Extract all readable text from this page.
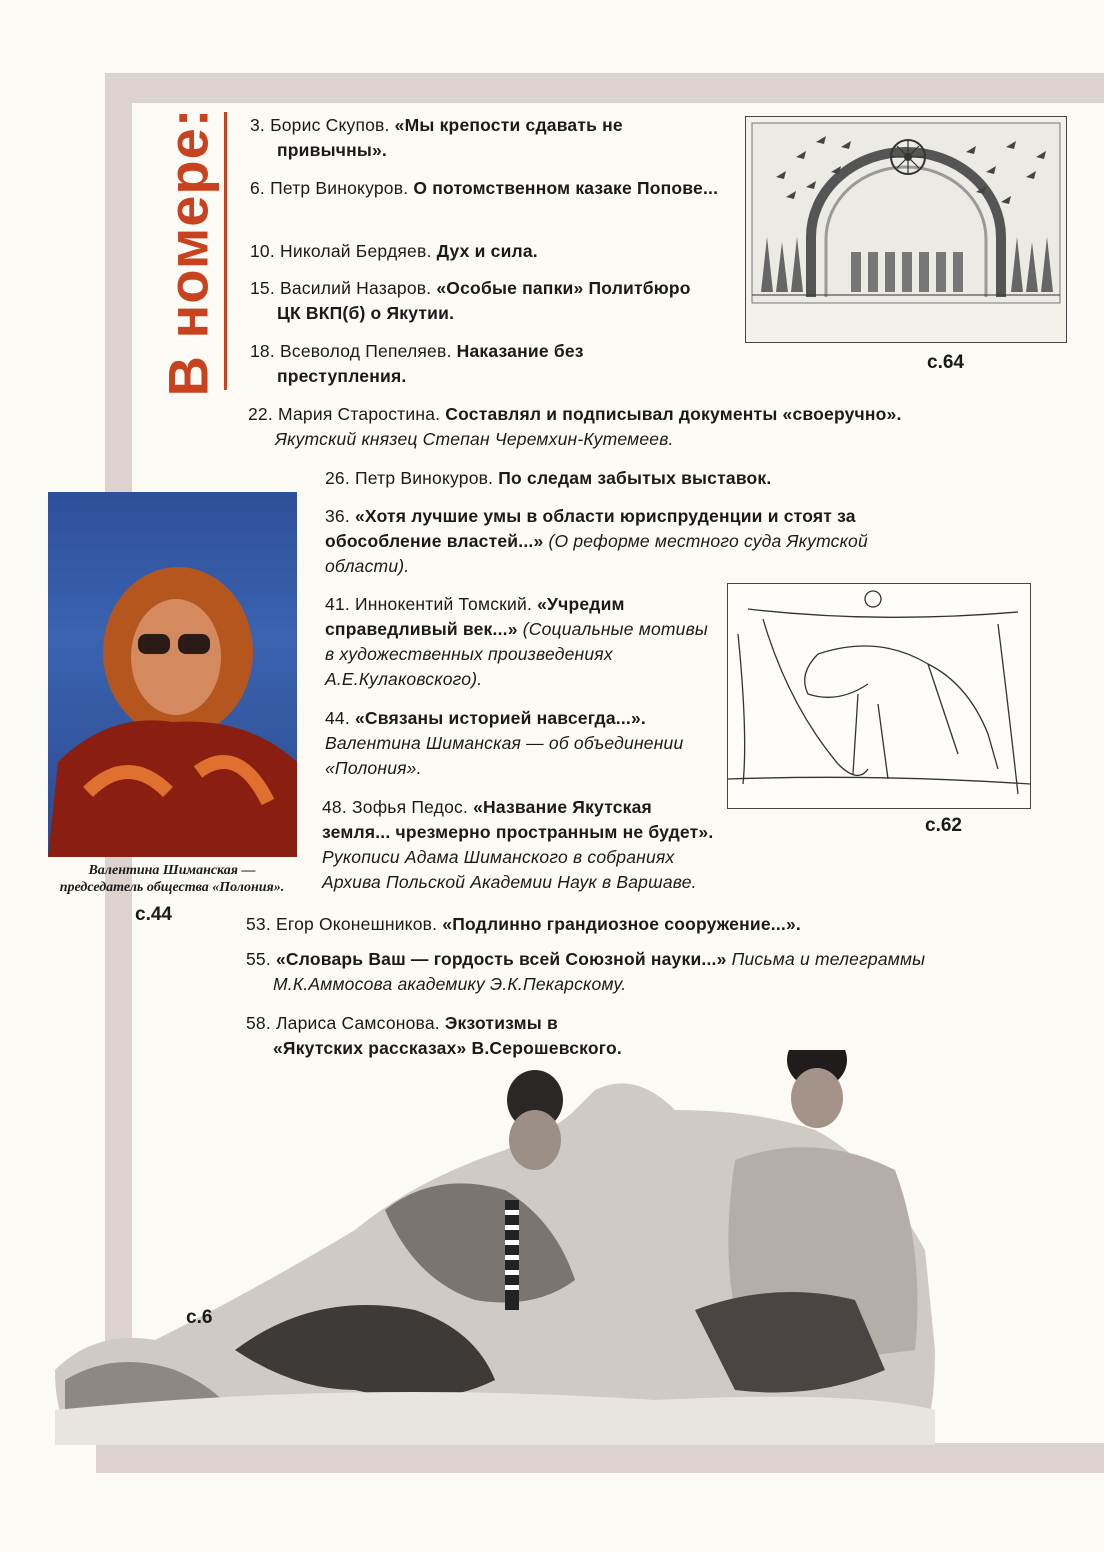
В номере: 3. Борис Скупов. «Мы крепости сдавать не привычны».
6. Петр Винокуров. О потомственном казаке Попове...
10. Николай Бердяев. Дух и сила.
15. Василий Назаров. «Особые папки» Политбюро ЦК ВКП(б) о Якутии.
18. Всеволод Пепеляев. Наказание без преступления.
22. Мария Старостина. Составлял и подписывал документы «своеручно». Якутский князец Степан Черемхин-Кутемеев.
26. Петр Винокуров. По следам забытых выставок.
36. «Хотя лучшие умы в области юриспруденции и стоят за обособление властей...» (О реформе местного суда Якутской области).
41. Иннокентий Томский. «Учредим справедливый век...» (Социальные мотивы в художественных произведениях А.Е.Кулаковского).
44. «Связаны историей навсегда...». Валентина Шиманская — об объединении «Полония».
48. Зофья Педос. «Название Якутская земля... чрезмерно пространным не будет». Рукописи Адама Шиманского в собраниях Архива Польской Академии Наук в Варшаве.
53. Егор Оконешников. «Подлинно грандиозное сооружение...».
55. «Словарь Ваш — гордость всей Союзной науки...» Письма и телеграммы М.К.Аммосова академику Э.К.Пекарскому.
58. Лариса Самсонова. Экзотизмы в «Якутских рассказах» В.Серошевского.
с.64
с.62
Валентина Шиманская —
председатель общества «Полония».
с.44
с.6
